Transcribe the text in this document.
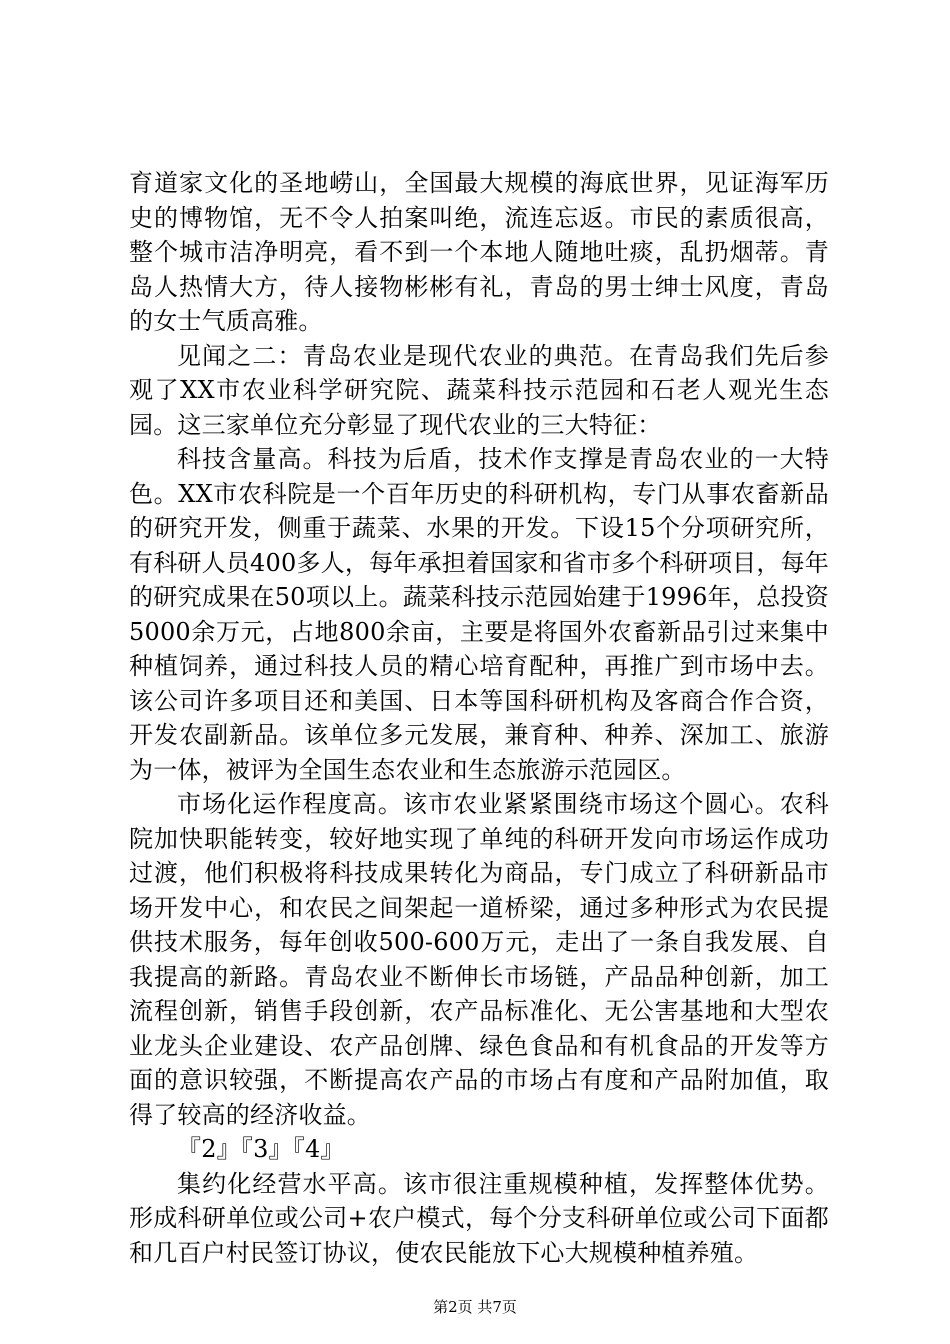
育道家文化的圣地崂山，全国最大规模的海底世界，见证海军历史的博物馆，无不令人拍案叫绝，流连忘返。市民的素质很高，整个城市洁净明亮，看不到一个本地人随地吐痰，乱扔烟蒂。青岛人热情大方，待人接物彬彬有礼，青岛的男士绅士风度，青岛的女士气质高雅。

见闻之二：青岛农业是现代农业的典范。在青岛我们先后参观了XX市农业科学研究院、蔬菜科技示范园和石老人观光生态园。这三家单位充分彰显了现代农业的三大特征：

科技含量高。科技为后盾，技术作支撑是青岛农业的一大特色。XX市农科院是一个百年历史的科研机构，专门从事农畜新品的研究开发，侧重于蔬菜、水果的开发。下设15个分项研究所，有科研人员400多人，每年承担着国家和省市多个科研项目，每年的研究成果在50项以上。蔬菜科技示范园始建于1996年，总投资5000余万元，占地800余亩，主要是将国外农畜新品引过来集中种植饲养，通过科技人员的精心培育配种，再推广到市场中去。该公司许多项目还和美国、日本等国科研机构及客商合作合资，开发农副新品。该单位多元发展，兼育种、种养、深加工、旅游为一体，被评为全国生态农业和生态旅游示范园区。

市场化运作程度高。该市农业紧紧围绕市场这个圆心。农科院加快职能转变，较好地实现了单纯的科研开发向市场运作成功过渡，他们积极将科技成果转化为商品，专门成立了科研新品市场开发中心，和农民之间架起一道桥梁，通过多种形式为农民提供技术服务，每年创收500-600万元，走出了一条自我发展、自我提高的新路。青岛农业不断伸长市场链，产品品种创新，加工流程创新，销售手段创新，农产品标准化、无公害基地和大型农业龙头企业建设、农产品创牌、绿色食品和有机食品的开发等方面的意识较强，不断提高农产品的市场占有度和产品附加值，取得了较高的经济收益。

『2』『3』『4』

集约化经营水平高。该市很注重规模种植，发挥整体优势。形成科研单位或公司+农户模式，每个分支科研单位或公司下面都和几百户村民签订协议，使农民能放下心大规模种植养殖。

第2页 共7页
